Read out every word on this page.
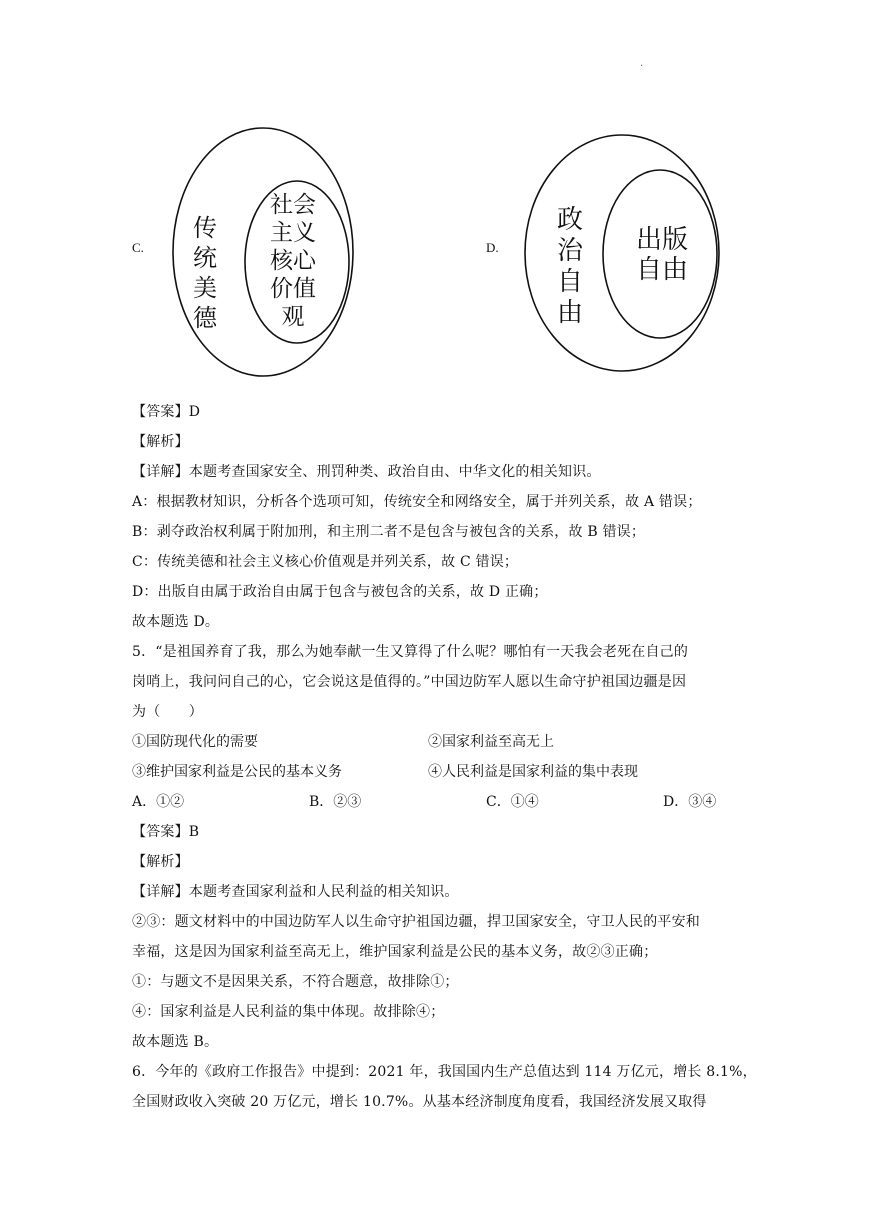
.
C.
传
统
美
德
社会
主义
核心
价值
观
D.
政
治
自
由
出版
自由
【答案】D
【解析】
【详解】本题考查国家安全、刑罚种类、政治自由、中华文化的相关知识。
A：根据教材知识，分析各个选项可知，传统安全和网络安全，属于并列关系，故 A 错误；
B：剥夺政治权利属于附加刑，和主刑二者不是包含与被包含的关系，故 B 错误；
C：传统美德和社会主义核心价值观是并列关系，故 C 错误；
D：出版自由属于政治自由属于包含与被包含的关系，故 D 正确；
故本题选 D。
5．“是祖国养育了我，那么为她奉献一生又算得了什么呢？哪怕有一天我会老死在自己的
岗哨上，我问问自己的心，它会说这是值得的。”中国边防军人愿以生命守护祖国边疆是因
为（　　）
①国防现代化的需要	②国家利益至高无上
③维护国家利益是公民的基本义务	④人民利益是国家利益的集中表现
A．①②	B．②③	C．①④	D．③④
【答案】B
【解析】
【详解】本题考查国家利益和人民利益的相关知识。
②③：题文材料中的中国边防军人以生命守护祖国边疆，捍卫国家安全，守卫人民的平安和
幸福，这是因为国家利益至高无上，维护国家利益是公民的基本义务，故②③正确；
①：与题文不是因果关系，不符合题意，故排除①；
④：国家利益是人民利益的集中体现。故排除④；
故本题选 B。
6．今年的《政府工作报告》中提到：2021 年，我国国内生产总值达到 114 万亿元，增长 8.1%，
全国财政收入突破 20 万亿元，增长 10.7%。从基本经济制度角度看，我国经济发展又取得
